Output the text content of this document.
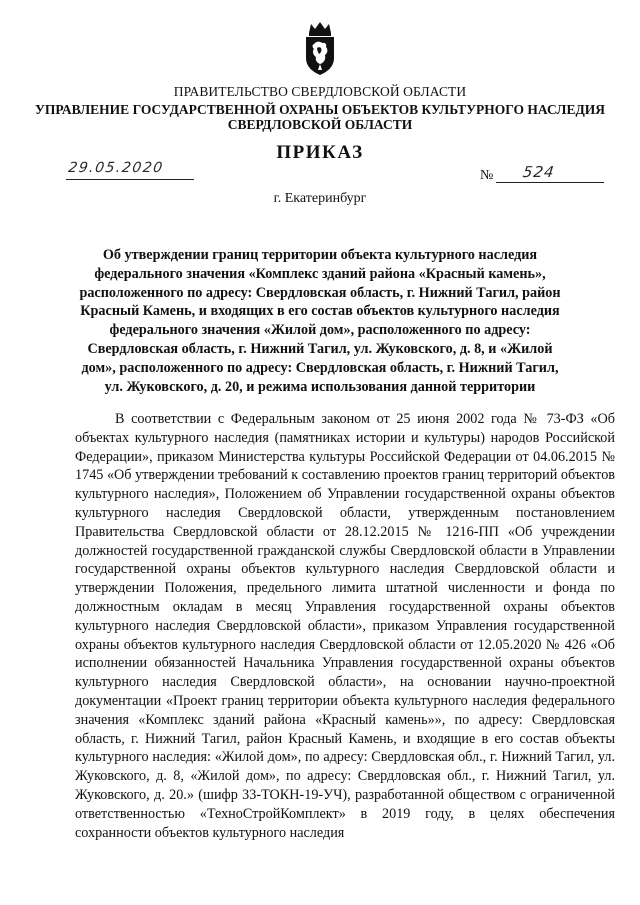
ПРАВИТЕЛЬСТВО СВЕРДЛОВСКОЙ ОБЛАСТИ
УПРАВЛЕНИЕ ГОСУДАРСТВЕННОЙ ОХРАНЫ ОБЪЕКТОВ КУЛЬТУРНОГО НАСЛЕДИЯ СВЕРДЛОВСКОЙ ОБЛАСТИ
ПРИКАЗ
29.05.2020	№ 524
г. Екатеринбург
Об утверждении границ территории объекта культурного наследия федерального значения «Комплекс зданий района «Красный камень», расположенного по адресу: Свердловская область, г. Нижний Тагил, район Красный Камень, и входящих в его состав объектов культурного наследия федерального значения «Жилой дом», расположенного по адресу: Свердловская область, г. Нижний Тагил, ул. Жуковского, д. 8, и «Жилой дом», расположенного по адресу: Свердловская область, г. Нижний Тагил, ул. Жуковского, д. 20, и режима использования данной территории
В соответствии с Федеральным законом от 25 июня 2002 года № 73-ФЗ «Об объектах культурного наследия (памятниках истории и культуры) народов Российской Федерации», приказом Министерства культуры Российской Федерации от 04.06.2015 № 1745 «Об утверждении требований к составлению проектов границ территорий объектов культурного наследия», Положением об Управлении государственной охраны объектов культурного наследия Свердловской области, утвержденным постановлением Правительства Свердловской области от 28.12.2015 № 1216-ПП «Об учреждении должностей государственной гражданской службы Свердловской области в Управлении государственной охраны объектов культурного наследия Свердловской области и утверждении Положения, предельного лимита штатной численности и фонда по должностным окладам в месяц Управления государственной охраны объектов культурного наследия Свердловской области», приказом Управления государственной охраны объектов культурного наследия Свердловской области от 12.05.2020 № 426 «Об исполнении обязанностей Начальника Управления государственной охраны объектов культурного наследия Свердловской области», на основании научно-проектной документации «Проект границ территории объекта культурного наследия федерального значения «Комплекс зданий района «Красный камень»», по адресу: Свердловская область, г. Нижний Тагил, район Красный Камень, и входящие в его состав объекты культурного наследия: «Жилой дом», по адресу: Свердловская обл., г. Нижний Тагил, ул. Жуковского, д. 8, «Жилой дом», по адресу: Свердловская обл., г. Нижний Тагил, ул. Жуковского, д. 20.» (шифр 33-ТОКН-19-УЧ), разработанной обществом с ограниченной ответственностью «ТехноСтройКомплект» в 2019 году, в целях обеспечения сохранности объектов культурного наследия
